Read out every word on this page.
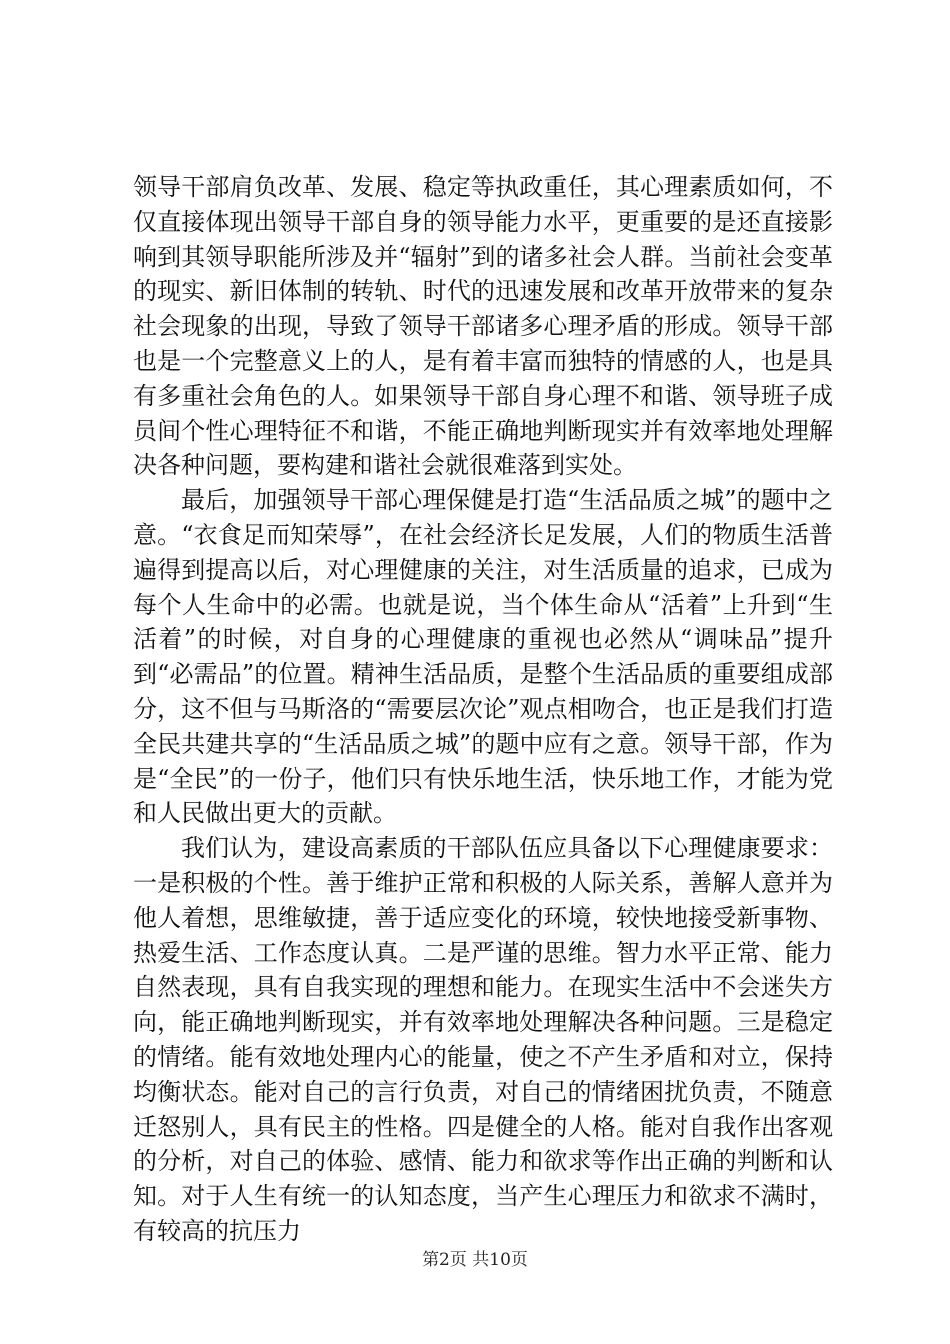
领导干部肩负改革、发展、稳定等执政重任，其心理素质如何，不仅直接体现出领导干部自身的领导能力水平，更重要的是还直接影响到其领导职能所涉及并“辐射”到的诸多社会人群。当前社会变革的现实、新旧体制的转轨、时代的迅速发展和改革开放带来的复杂社会现象的出现，导致了领导干部诸多心理矛盾的形成。领导干部也是一个完整意义上的人，是有着丰富而独特的情感的人，也是具有多重社会角色的人。如果领导干部自身心理不和谐、领导班子成员间个性心理特征不和谐，不能正确地判断现实并有效率地处理解决各种问题，要构建和谐社会就很难落到实处。

最后，加强领导干部心理保健是打造“生活品质之城”的题中之意。“衣食足而知荣辱”，在社会经济长足发展，人们的物质生活普遍得到提高以后，对心理健康的关注，对生活质量的追求，已成为每个人生命中的必需。也就是说，当个体生命从“活着”上升到“生活着”的时候，对自身的心理健康的重视也必然从“调味品”提升到“必需品”的位置。精神生活品质，是整个生活品质的重要组成部分，这不但与马斯洛的“需要层次论”观点相吻合，也正是我们打造全民共建共享的“生活品质之城”的题中应有之意。领导干部，作为是“全民”的一份子，他们只有快乐地生活，快乐地工作，才能为党和人民做出更大的贡献。

我们认为，建设高素质的干部队伍应具备以下心理健康要求：一是积极的个性。善于维护正常和积极的人际关系，善解人意并为他人着想，思维敏捷，善于适应变化的环境，较快地接受新事物、热爱生活、工作态度认真。二是严谨的思维。智力水平正常、能力自然表现，具有自我实现的理想和能力。在现实生活中不会迷失方向，能正确地判断现实，并有效率地处理解决各种问题。三是稳定的情绪。能有效地处理内心的能量，使之不产生矛盾和对立，保持均衡状态。能对自己的言行负责，对自己的情绪困扰负责，不随意迁怒别人，具有民主的性格。四是健全的人格。能对自我作出客观的分析，对自己的体验、感情、能力和欲求等作出正确的判断和认知。对于人生有统一的认知态度，当产生心理压力和欲求不满时，有较高的抗压力

第2页 共10页
